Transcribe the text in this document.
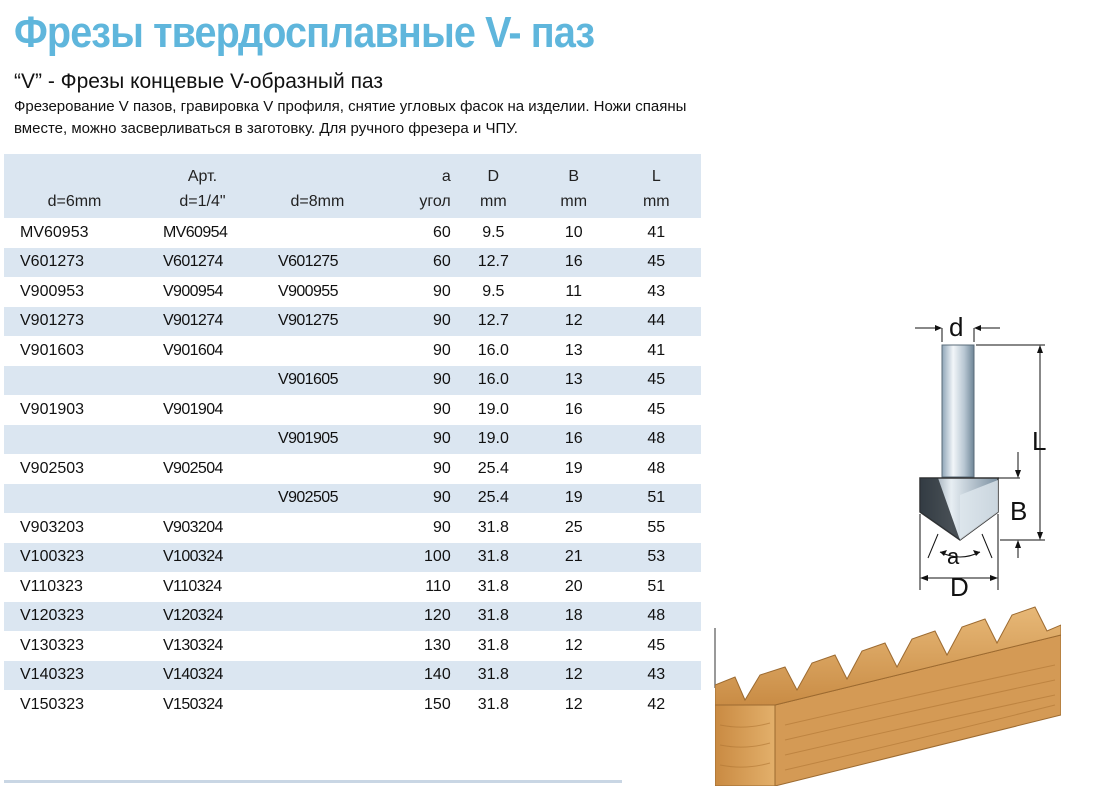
Фрезы твердосплавные V- паз
“V” - Фрезы концевые V-образный паз
Фрезерование V пазов, гравировка V профиля, снятие угловых фасок на изделии. Ножи спаяны вместе, можно засверливаться в заготовку. Для ручного фрезера и ЧПУ.
	Арт.		a	D	B	L
d=6mm	d=1/4"	d=8mm	угол	mm	mm	mm
MV60953	MV60954		60	9.5	10	41
V601273	V601274	V601275	60	12.7	16	45
V900953	V900954	V900955	90	9.5	11	43
V901273	V901274	V901275	90	12.7	12	44
V901603	V901604		90	16.0	13	41
		V901605	90	16.0	13	45
V901903	V901904		90	19.0	16	45
		V901905	90	19.0	16	48
V902503	V902504		90	25.4	19	48
		V902505	90	25.4	19	51
V903203	V903204		90	31.8	25	55
V100323	V100324		100	31.8	21	53
V110323	V110324		110	31.8	20	51
V120323	V120324		120	31.8	18	48
V130323	V130324		130	31.8	12	45
V140323	V140324		140	31.8	12	43
V150323	V150324		150	31.8	12	42
d
L
B
a
D
